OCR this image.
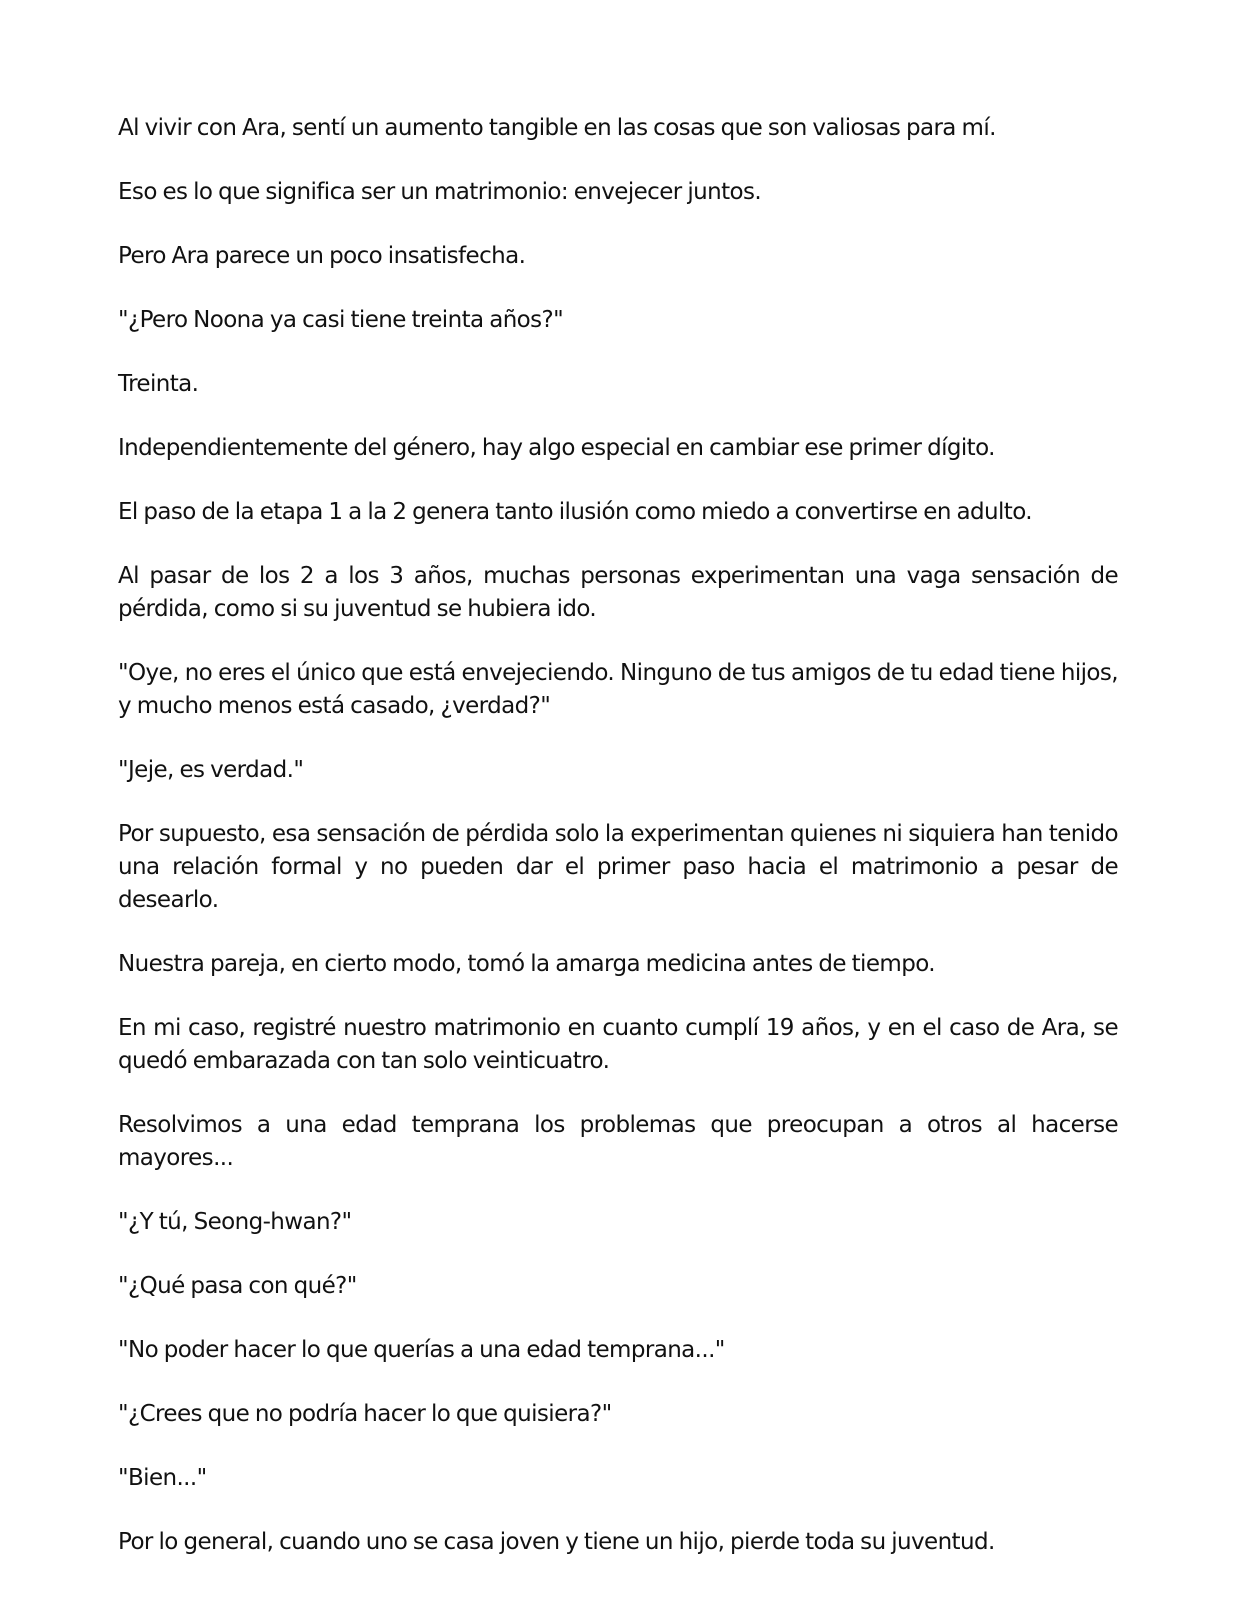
Al vivir con Ara, sentí un aumento tangible en las cosas que son valiosas para mí.

Eso es lo que significa ser un matrimonio: envejecer juntos.

Pero Ara parece un poco insatisfecha.

"¿Pero Noona ya casi tiene treinta años?"

Treinta.

Independientemente del género, hay algo especial en cambiar ese primer dígito.

El paso de la etapa 1 a la 2 genera tanto ilusión como miedo a convertirse en adulto.

Al pasar de los 2 a los 3 años, muchas personas experimentan una vaga sensación de pérdida, como si su juventud se hubiera ido.

"Oye, no eres el único que está envejeciendo. Ninguno de tus amigos de tu edad tiene hijos, y mucho menos está casado, ¿verdad?"

"Jeje, es verdad."

Por supuesto, esa sensación de pérdida solo la experimentan quienes ni siquiera han tenido una relación formal y no pueden dar el primer paso hacia el matrimonio a pesar de desearlo.

Nuestra pareja, en cierto modo, tomó la amarga medicina antes de tiempo.

En mi caso, registré nuestro matrimonio en cuanto cumplí 19 años, y en el caso de Ara, se quedó embarazada con tan solo veinticuatro.

Resolvimos a una edad temprana los problemas que preocupan a otros al hacerse mayores...

"¿Y tú, Seong-hwan?"

"¿Qué pasa con qué?"

"No poder hacer lo que querías a una edad temprana..."

"¿Crees que no podría hacer lo que quisiera?"

"Bien..."

Por lo general, cuando uno se casa joven y tiene un hijo, pierde toda su juventud.
